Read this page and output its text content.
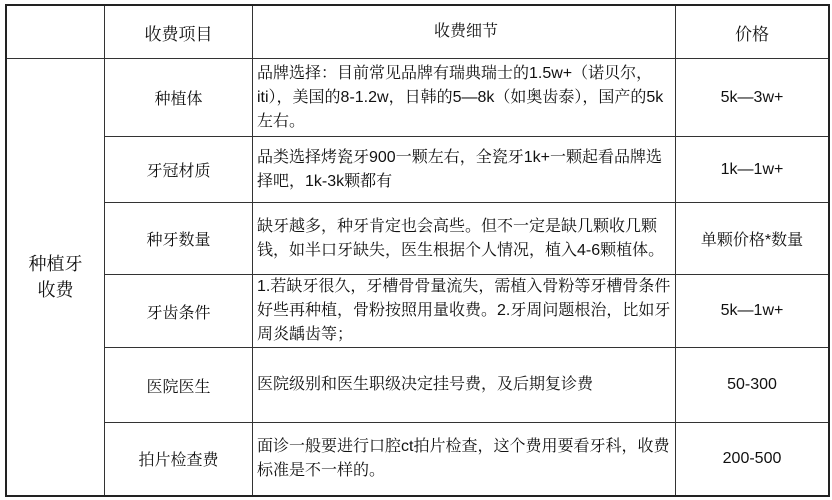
	收费项目	收费细节	价格
种植牙收费	种植体	品牌选择：目前常见品牌有瑞典瑞士的1.5w+（诺贝尔，iti），美国的8-1.2w，日韩的5—8k（如奥齿泰），国产的5k左右。	5k—3w+
	牙冠材质	品类选择烤瓷牙900一颗左右，全瓷牙1k+一颗起看品牌选择吧，1k-3k颗都有	1k—1w+
	种牙数量	缺牙越多，种牙肯定也会高些。但不一定是缺几颗收几颗钱，如半口牙缺失，医生根据个人情况，植入4-6颗植体。	单颗价格*数量
	牙齿条件	1.若缺牙很久，牙槽骨骨量流失，需植入骨粉等牙槽骨条件好些再种植，骨粉按照用量收费。2.牙周问题根治，比如牙周炎龋齿等；	5k—1w+
	医院医生	医院级别和医生职级决定挂号费，及后期复诊费	50-300
	拍片检查费	面诊一般要进行口腔ct拍片检查，这个费用要看牙科，收费标准是不一样的。	200-500
